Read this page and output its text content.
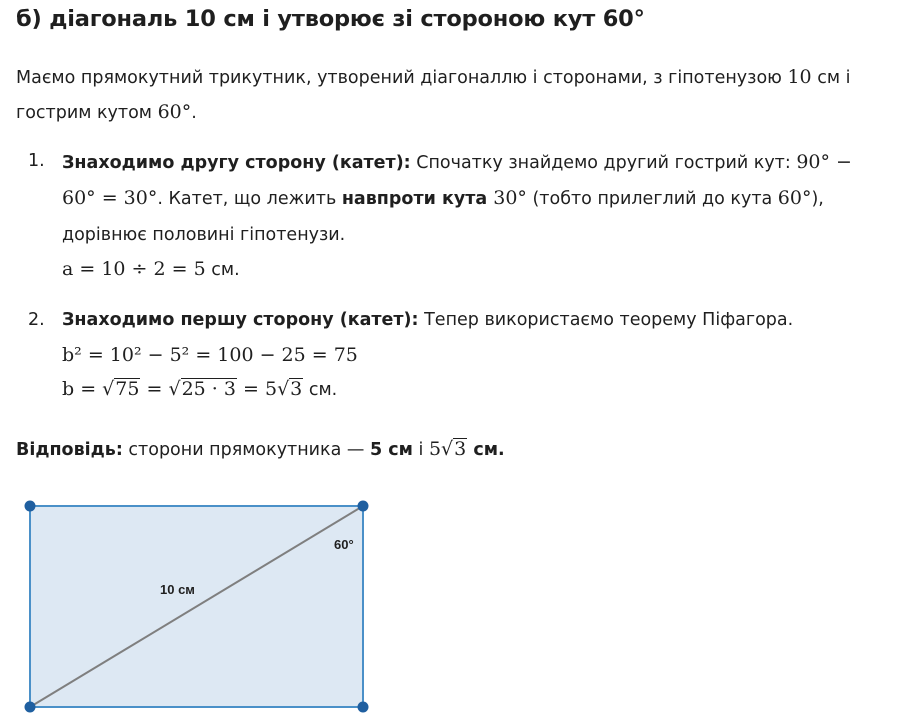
б) діагональ 10 см і утворює зі стороною кут 60°
Маємо прямокутний трикутник, утворений діагоналлю і сторонами, з гіпотенузою 10 см і
гострим кутом 60°.
1. Знаходимо другу сторону (катет): Спочатку знайдемо другий гострий кут: 90° −
60° = 30°. Катет, що лежить навпроти кута 30° (тобто прилеглий до кута 60°),
дорівнює половині гіпотенузи.
a = 10 ÷ 2 = 5 см.
2. Знаходимо першу сторону (катет): Тепер використаємо теорему Піфагора.
b² = 10² − 5² = 100 − 25 = 75
b = √75 = √25 · 3 = 5√3 см.
Відповідь: сторони прямокутника — 5 см і 5√3 см.
10 см
60°
